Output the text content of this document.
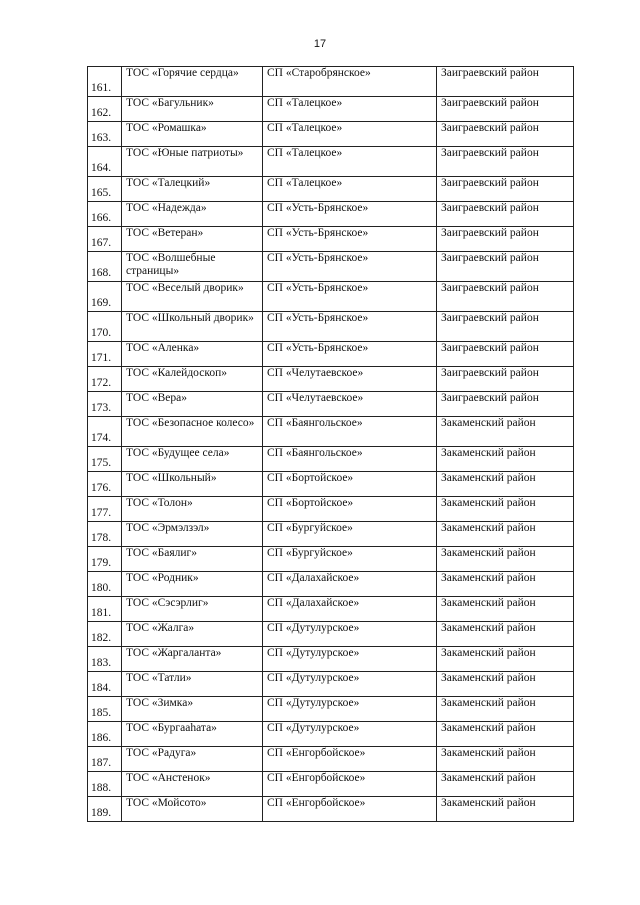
17
161.	ТОС «Горячие сердца»	СП «Старобрянское»	Заиграевский район
162.	ТОС «Багульник»	СП «Талецкое»	Заиграевский район
163.	ТОС «Ромашка»	СП «Талецкое»	Заиграевский район
164.	ТОС «Юные патриоты»	СП «Талецкое»	Заиграевский район
165.	ТОС «Талецкий»	СП «Талецкое»	Заиграевский район
166.	ТОС «Надежда»	СП «Усть-Брянское»	Заиграевский район
167.	ТОС «Ветеран»	СП «Усть-Брянское»	Заиграевский район
168.	ТОС «Волшебные страницы»	СП «Усть-Брянское»	Заиграевский район
169.	ТОС «Веселый дворик»	СП «Усть-Брянское»	Заиграевский район
170.	ТОС «Школьный дворик»	СП «Усть-Брянское»	Заиграевский район
171.	ТОС «Аленка»	СП «Усть-Брянское»	Заиграевский район
172.	ТОС «Калейдоскоп»	СП «Челутаевское»	Заиграевский район
173.	ТОС «Вера»	СП «Челутаевское»	Заиграевский район
174.	ТОС «Безопасное колесо»	СП «Баянгольское»	Закаменский район
175.	ТОС «Будущее села»	СП «Баянгольское»	Закаменский район
176.	ТОС «Школьный»	СП «Бортойское»	Закаменский район
177.	ТОС «Толон»	СП «Бортойское»	Закаменский район
178.	ТОС «Эрмэлзэл»	СП «Бургуйское»	Закаменский район
179.	ТОС «Баялиг»	СП «Бургуйское»	Закаменский район
180.	ТОС «Родник»	СП «Далахайское»	Закаменский район
181.	ТОС «Сэсэрлиг»	СП «Далахайское»	Закаменский район
182.	ТОС «Жалга»	СП «Дутулурское»	Закаменский район
183.	ТОС «Жаргаланта»	СП «Дутулурское»	Закаменский район
184.	ТОС «Татли»	СП «Дутулурское»	Закаменский район
185.	ТОС «Зимка»	СП «Дутулурское»	Закаменский район
186.	ТОС «Бургааhата»	СП «Дутулурское»	Закаменский район
187.	ТОС «Радуга»	СП «Енгорбойское»	Закаменский район
188.	ТОС «Анстенок»	СП «Енгорбойское»	Закаменский район
189.	ТОС «Мойсото»	СП «Енгорбойское»	Закаменский район
